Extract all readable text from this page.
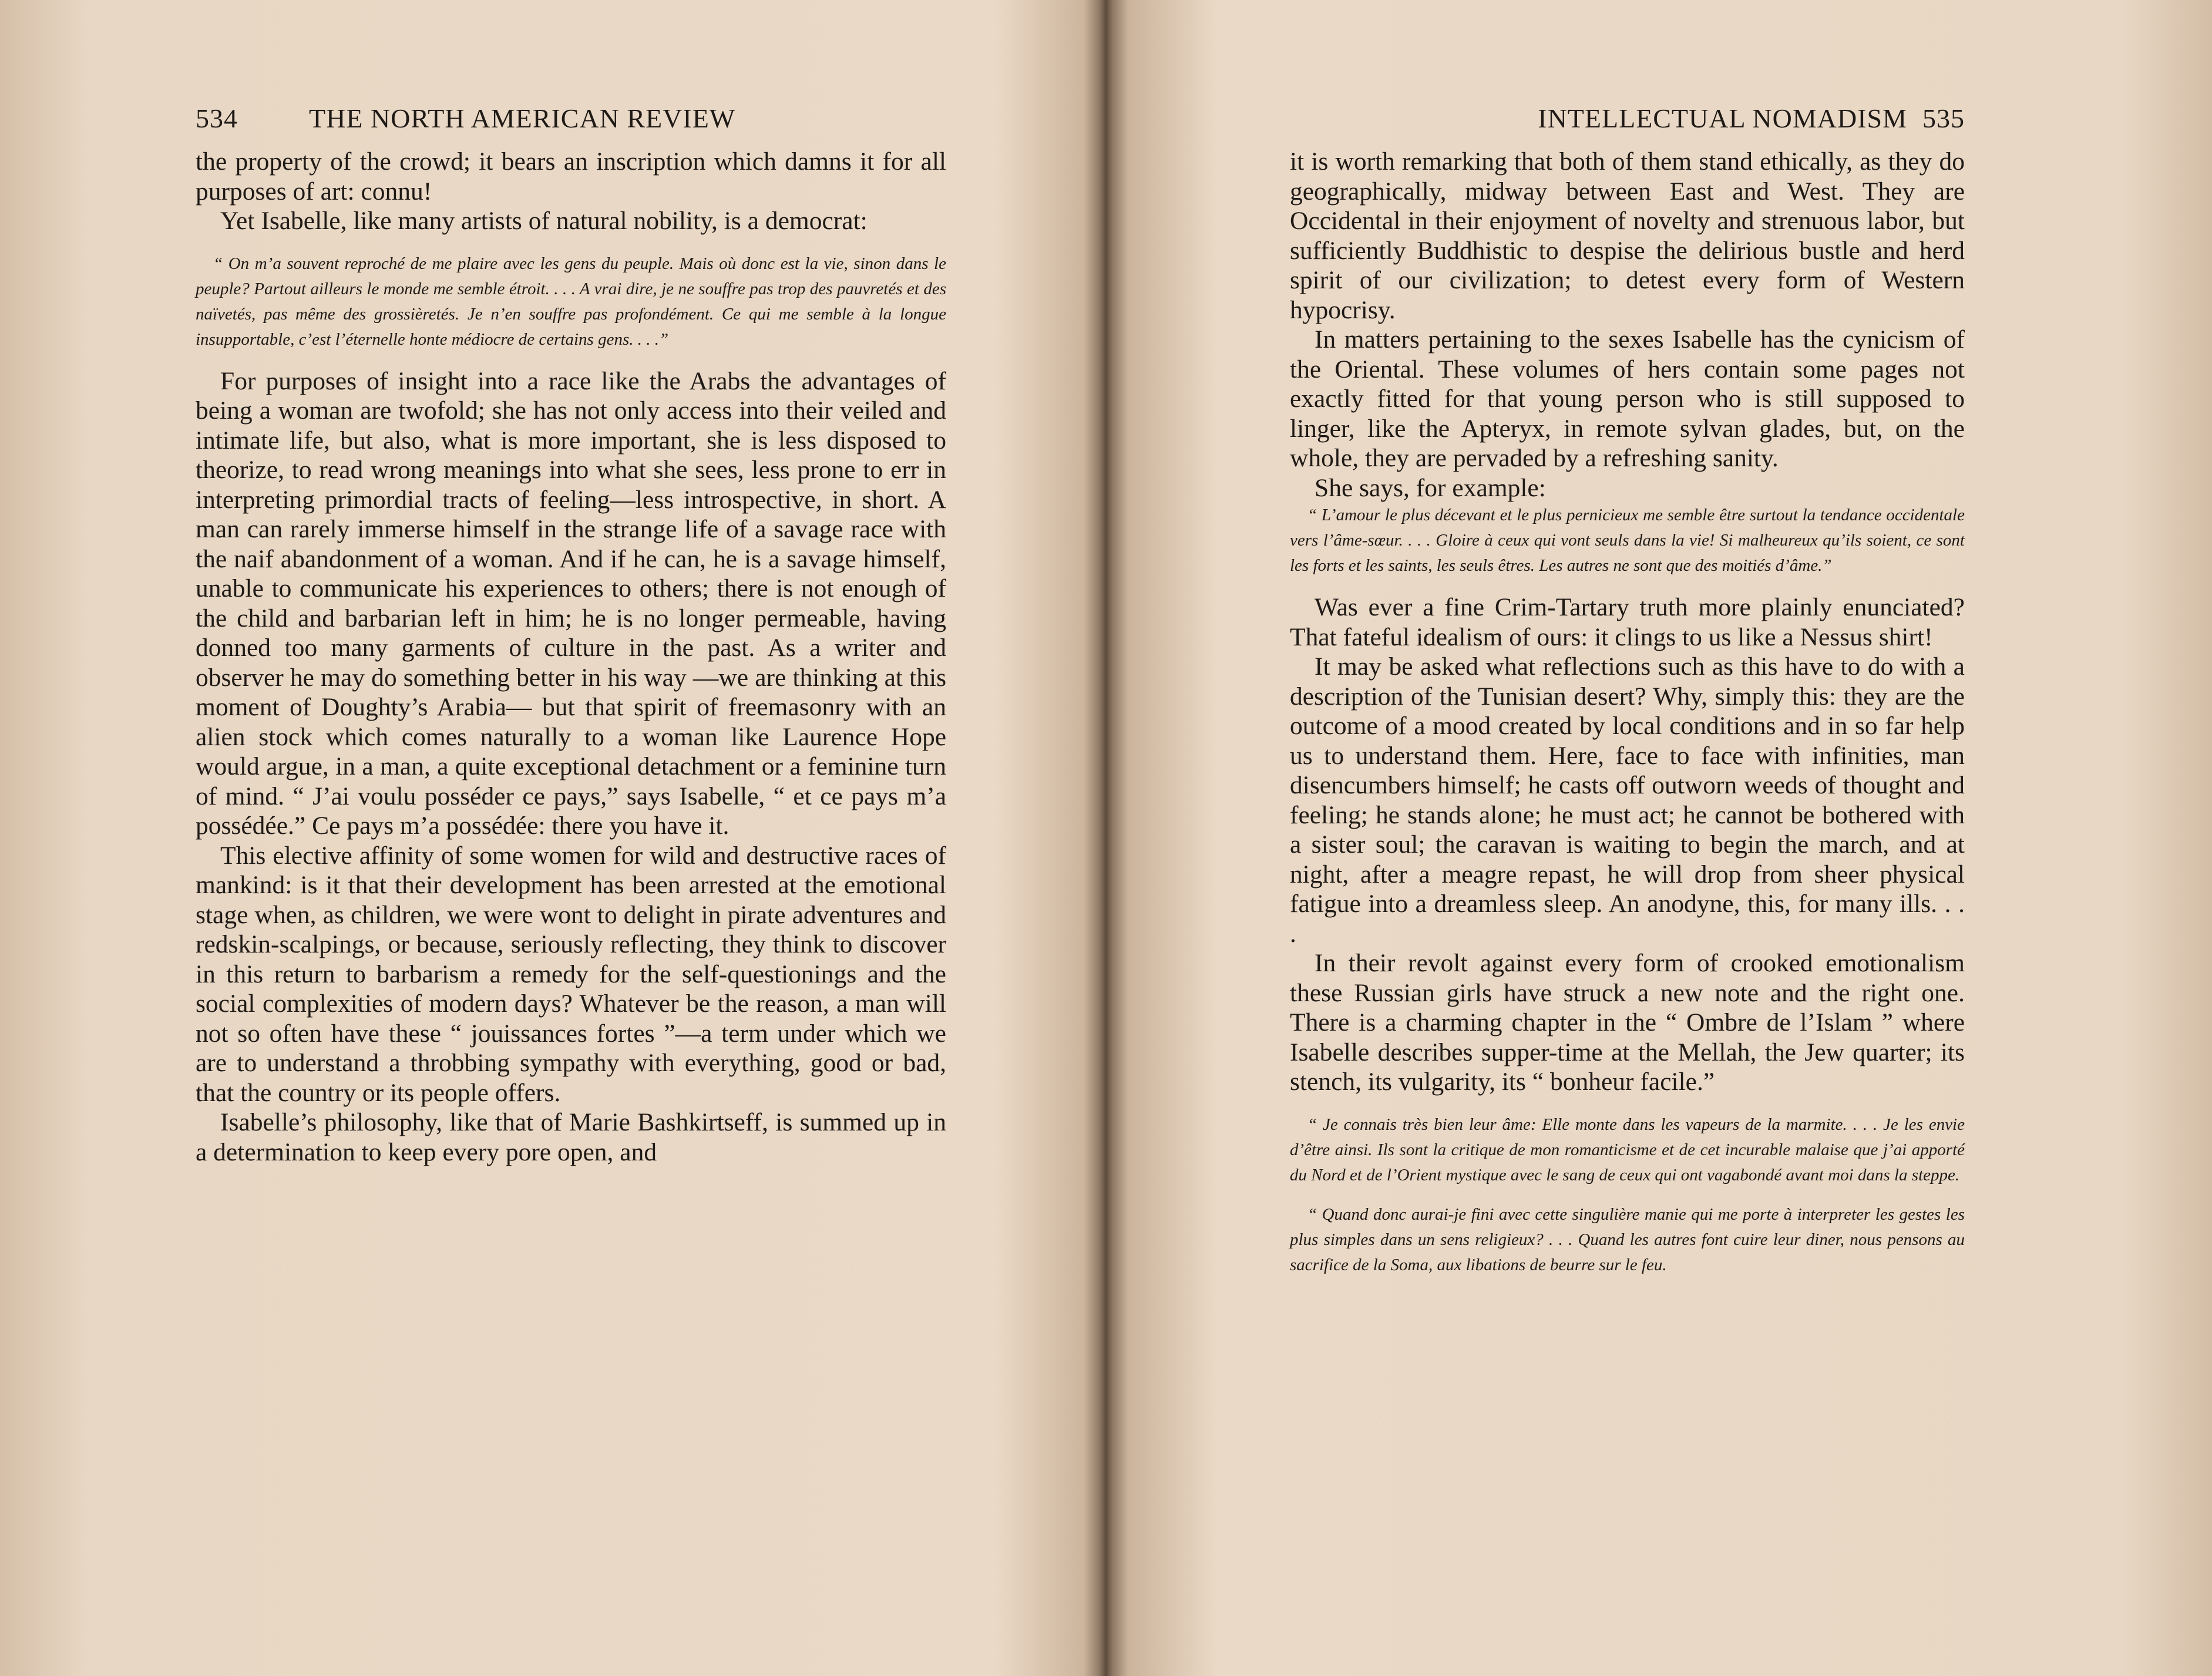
534	THE NORTH AMERICAN REVIEW

the property of the crowd; it bears an inscription which damns it for all purposes of art: connu!

Yet Isabelle, like many artists of natural nobility, is a democrat:

“ On m’a souvent reproché de me plaire avec les gens du peuple. Mais où donc est la vie, sinon dans le peuple? Partout ailleurs le monde me semble étroit. . . . A vrai dire, je ne souffre pas trop des pauvretés et des naïvetés, pas même des grossièretés. Je n’en souffre pas profondément. Ce qui me semble à la longue insupportable, c’est l’éternelle honte médiocre de certains gens. . . .”

For purposes of insight into a race like the Arabs the advantages of being a woman are twofold; she has not only access into their veiled and intimate life, but also, what is more important, she is less disposed to theorize, to read wrong meanings into what she sees, less prone to err in interpreting primordial tracts of feeling—less introspective, in short. A man can rarely immerse himself in the strange life of a savage race with the naif abandonment of a woman. And if he can, he is a savage himself, unable to communicate his experiences to others; there is not enough of the child and barbarian left in him; he is no longer permeable, having donned too many garments of culture in the past. As a writer and observer he may do something better in his way —we are thinking at this moment of Doughty’s Arabia— but that spirit of freemasonry with an alien stock which comes naturally to a woman like Laurence Hope would argue, in a man, a quite exceptional detachment or a feminine turn of mind. “ J’ai voulu posséder ce pays,” says Isabelle, “ et ce pays m’a possédée.” Ce pays m’a possédée: there you have it.

This elective affinity of some women for wild and destructive races of mankind: is it that their development has been arrested at the emotional stage when, as children, we were wont to delight in pirate adventures and redskin-scalpings, or because, seriously reflecting, they think to discover in this return to barbarism a remedy for the self-questionings and the social complexities of modern days? Whatever be the reason, a man will not so often have these “ jouissances fortes ”—a term under which we are to understand a throbbing sympathy with everything, good or bad, that the country or its people offers.

Isabelle’s philosophy, like that of Marie Bashkirtseff, is summed up in a determination to keep every pore open, and

INTELLECTUAL NOMADISM 535

it is worth remarking that both of them stand ethically, as they do geographically, midway between East and West. They are Occidental in their enjoyment of novelty and strenuous labor, but sufficiently Buddhistic to despise the delirious bustle and herd spirit of our civilization; to detest every form of Western hypocrisy.

In matters pertaining to the sexes Isabelle has the cynicism of the Oriental. These volumes of hers contain some pages not exactly fitted for that young person who is still supposed to linger, like the Apteryx, in remote sylvan glades, but, on the whole, they are pervaded by a refreshing sanity.

She says, for example:

“ L’amour le plus décevant et le plus pernicieux me semble être surtout la tendance occidentale vers l’âme-sœur. . . . Gloire à ceux qui vont seuls dans la vie! Si malheureux qu’ils soient, ce sont les forts et les saints, les seuls êtres. Les autres ne sont que des moitiés d’âme.”

Was ever a fine Crim-Tartary truth more plainly enunciated? That fateful idealism of ours: it clings to us like a Nessus shirt!

It may be asked what reflections such as this have to do with a description of the Tunisian desert? Why, simply this: they are the outcome of a mood created by local conditions and in so far help us to understand them. Here, face to face with infinities, man disencumbers himself; he casts off outworn weeds of thought and feeling; he stands alone; he must act; he cannot be bothered with a sister soul; the caravan is waiting to begin the march, and at night, after a meagre repast, he will drop from sheer physical fatigue into a dreamless sleep. An anodyne, this, for many ills. . . .

In their revolt against every form of crooked emotionalism these Russian girls have struck a new note and the right one. There is a charming chapter in the “ Ombre de l’Islam ” where Isabelle describes supper-time at the Mellah, the Jew quarter; its stench, its vulgarity, its “ bonheur facile.”

“ Je connais très bien leur âme: Elle monte dans les vapeurs de la marmite. . . . Je les envie d’être ainsi. Ils sont la critique de mon romanticisme et de cet incurable malaise que j’ai apporté du Nord et de l’Orient mystique avec le sang de ceux qui ont vagabondé avant moi dans la steppe.

“ Quand donc aurai-je fini avec cette singulière manie qui me porte à interpreter les gestes les plus simples dans un sens religieux? . . . Quand les autres font cuire leur diner, nous pensons au sacrifice de la Soma, aux libations de beurre sur le feu.
